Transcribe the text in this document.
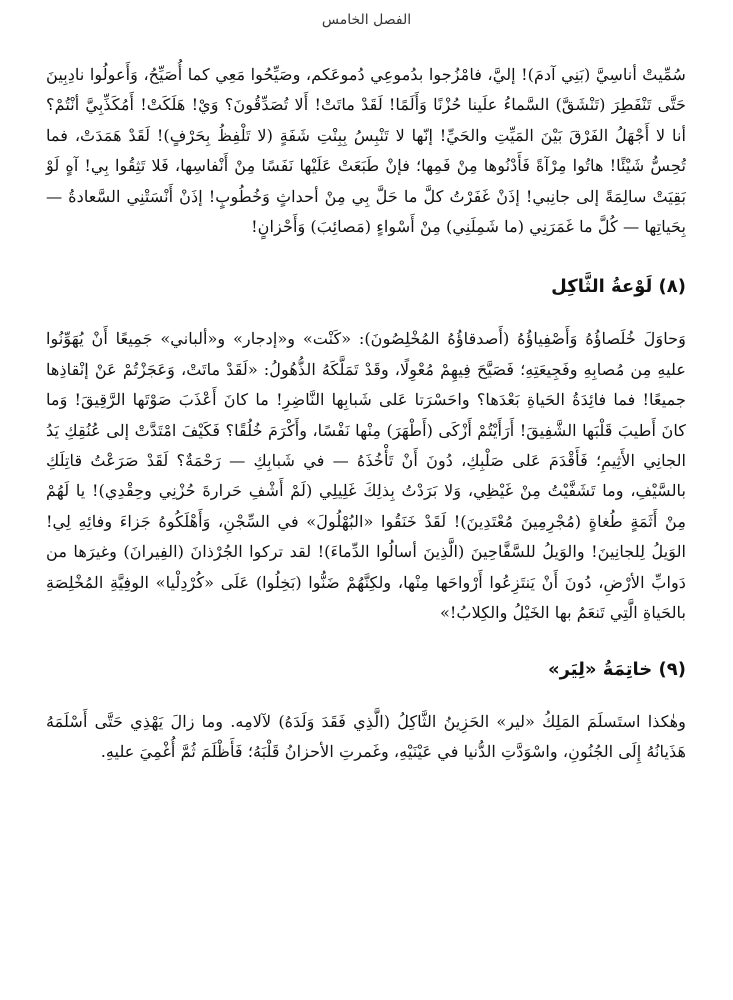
الفصل الخامس

سُمِّيتْ أناسِيَّ (بَنِي آدمَ)! إليَّ، فامْزُجوا بدُموعِي دُموعَكم، وصَيِّحُوا مَعِي كما أُصَيِّحُ، وَأَعولُوا نادِبِينَ حَتَّى تَنْفَطِرَ (تَنْشَقَّ) السَّماءُ علَينا حُزْنًا وَأَلَمًا! لَقَدْ ماتَتْ! أَلا تُصَدِّقُونَ؟ وَيْ! هَلَكَتْ! أَمُكَذِّبِيَّ أنْتُمْ؟ أنا لا أَجْهَلُ الفَرْقَ بَيْنَ المَيِّتِ والحَيِّ! إنّها لا تَنْبِسُ بِبِنْتِ شَفَةٍ (لا تَلْفِظُ بِحَرْفٍ)! لَقَدْ هَمَدَتْ، فما تُحِسُّ شَيْئًا! هاتُوا مِرْآةً فَأَدْنُوها مِنْ فَمِها؛ فإنْ طَبَعَتْ عَلَيْها نَفَسًا مِنْ أَنْفاسِها، فَلا تَثِقُوا بِي! آهٍ لَوْ بَقِيَتْ سالِمَةً إلى جانِبي! إذَنْ غَفَرْتُ كلَّ ما حَلَّ بِي مِنْ أحداثٍ وَخُطُوبٍ! إذَنْ أَنْسَتْنِي السَّعادةُ — بِحَياتِها — كُلَّ ما غَمَرَنِي (ما شَمِلَنِي) مِنْ أَسْواءٍ (مَصائِبَ) وَأَحْزانٍ!

(٨) لَوْعةُ الثَّاكِل

وَحاوَلَ خُلَصاؤُهُ وَأَصْفِياؤُهُ (أَصدقاؤُهُ المُخْلِصُونَ): «كَنْت» و«إدجار» و«ألباني» جَمِيعًا أَنْ يُهَوِّنُوا عليهِ مِن مُصابِهِ وفَجِيعَتِهِ؛ فَصَيَّحَ فِيهِمْ مُعْوِلًا، وقَدْ تَمَلَّكَهُ الذُّهُولُ: «لَقَدْ ماتَتْ، وَعَجَزْتُمْ عَنْ إنْقاذِها جميعًا! فما فائِدَةُ الحَياةِ بَعْدَها؟ واحَسْرَتا عَلى شَبابِها النَّاضِرِ! ما كانَ أَعْذَبَ صَوْتَها الرَّقِيقَ! وَما كانَ أَطيبَ قَلْبَها الشَّفِيقَ! أَرَأَيْتُمْ أَزْكَى (أَطْهَرَ) مِنْها نَفْسًا، وأَكْرَمَ خُلُقًا؟ فَكَيْفَ امْتَدَّتْ إلى عُنُقِكِ يَدُ الجانِي الأَثِيمِ؛ فَأَقْدَمَ عَلى صَلْبِكِ، دُونَ أَنْ تَأْخُذَهُ — في شَبابِكِ — رَحْمَةٌ؟ لَقَدْ صَرَعْتُ قاتِلَكِ بالسَّيْفِ، وما تَشَفَّيْتُ مِنْ غَيْظِي، وَلا بَرَدْتُ بِذلِكَ غَلِيلِي (لَمْ أَشْفِ حَرارةَ حُزْنِي وحِقْدِي)! يا لَهُمْ مِنْ أَثَمَةٍ طُغاةٍ (مُجْرِمِينَ مُعْتَدِينَ)! لَقَدْ خَنَقُوا «البُهْلُولَ» في السِّجْنِ، وَأَهْلَكُوهُ جَزاءَ وفائِهِ لِي! الوَيلُ لِلجانِينَ! والوَيلُ للسَّفَّاحِينَ (الَّذِينَ أسالُوا الدِّماءَ)! لقد تركوا الجُرْذانَ (الفِيرانَ) وغيرَها من دَوابِّ الأرْضِ، دُونَ أَنْ يَنتَزِعُوا أَرْواحَها مِنْها، ولكِنَّهُمْ ضَنُّوا (بَخِلُوا) عَلَى «كُرْدِلْيا» الوفِيَّةِ المُخْلِصَةِ بالحَياةِ الَّتِي تَنعَمُ بها الخَيْلُ والكِلابُ!»

(٩) خاتِمَةُ «لِيَر»

وهٰكذا استَسلَمَ المَلِكُ «لير» الحَزِينُ الثَّاكِلُ (الَّذِي فَقَدَ وَلَدَهُ) لآلامِه. وما زالَ يَهْذِي حَتَّى أَسْلَمَهُ هَذَيانُهُ إِلَى الجُنُونِ، واسْوَدَّتِ الدُّنيا في عَيْنَيْهِ، وغَمرتِ الأحزانُ قَلْبَهُ؛ فَأَظْلَمَ ثُمَّ أُغْمِيَ عليهِ.
